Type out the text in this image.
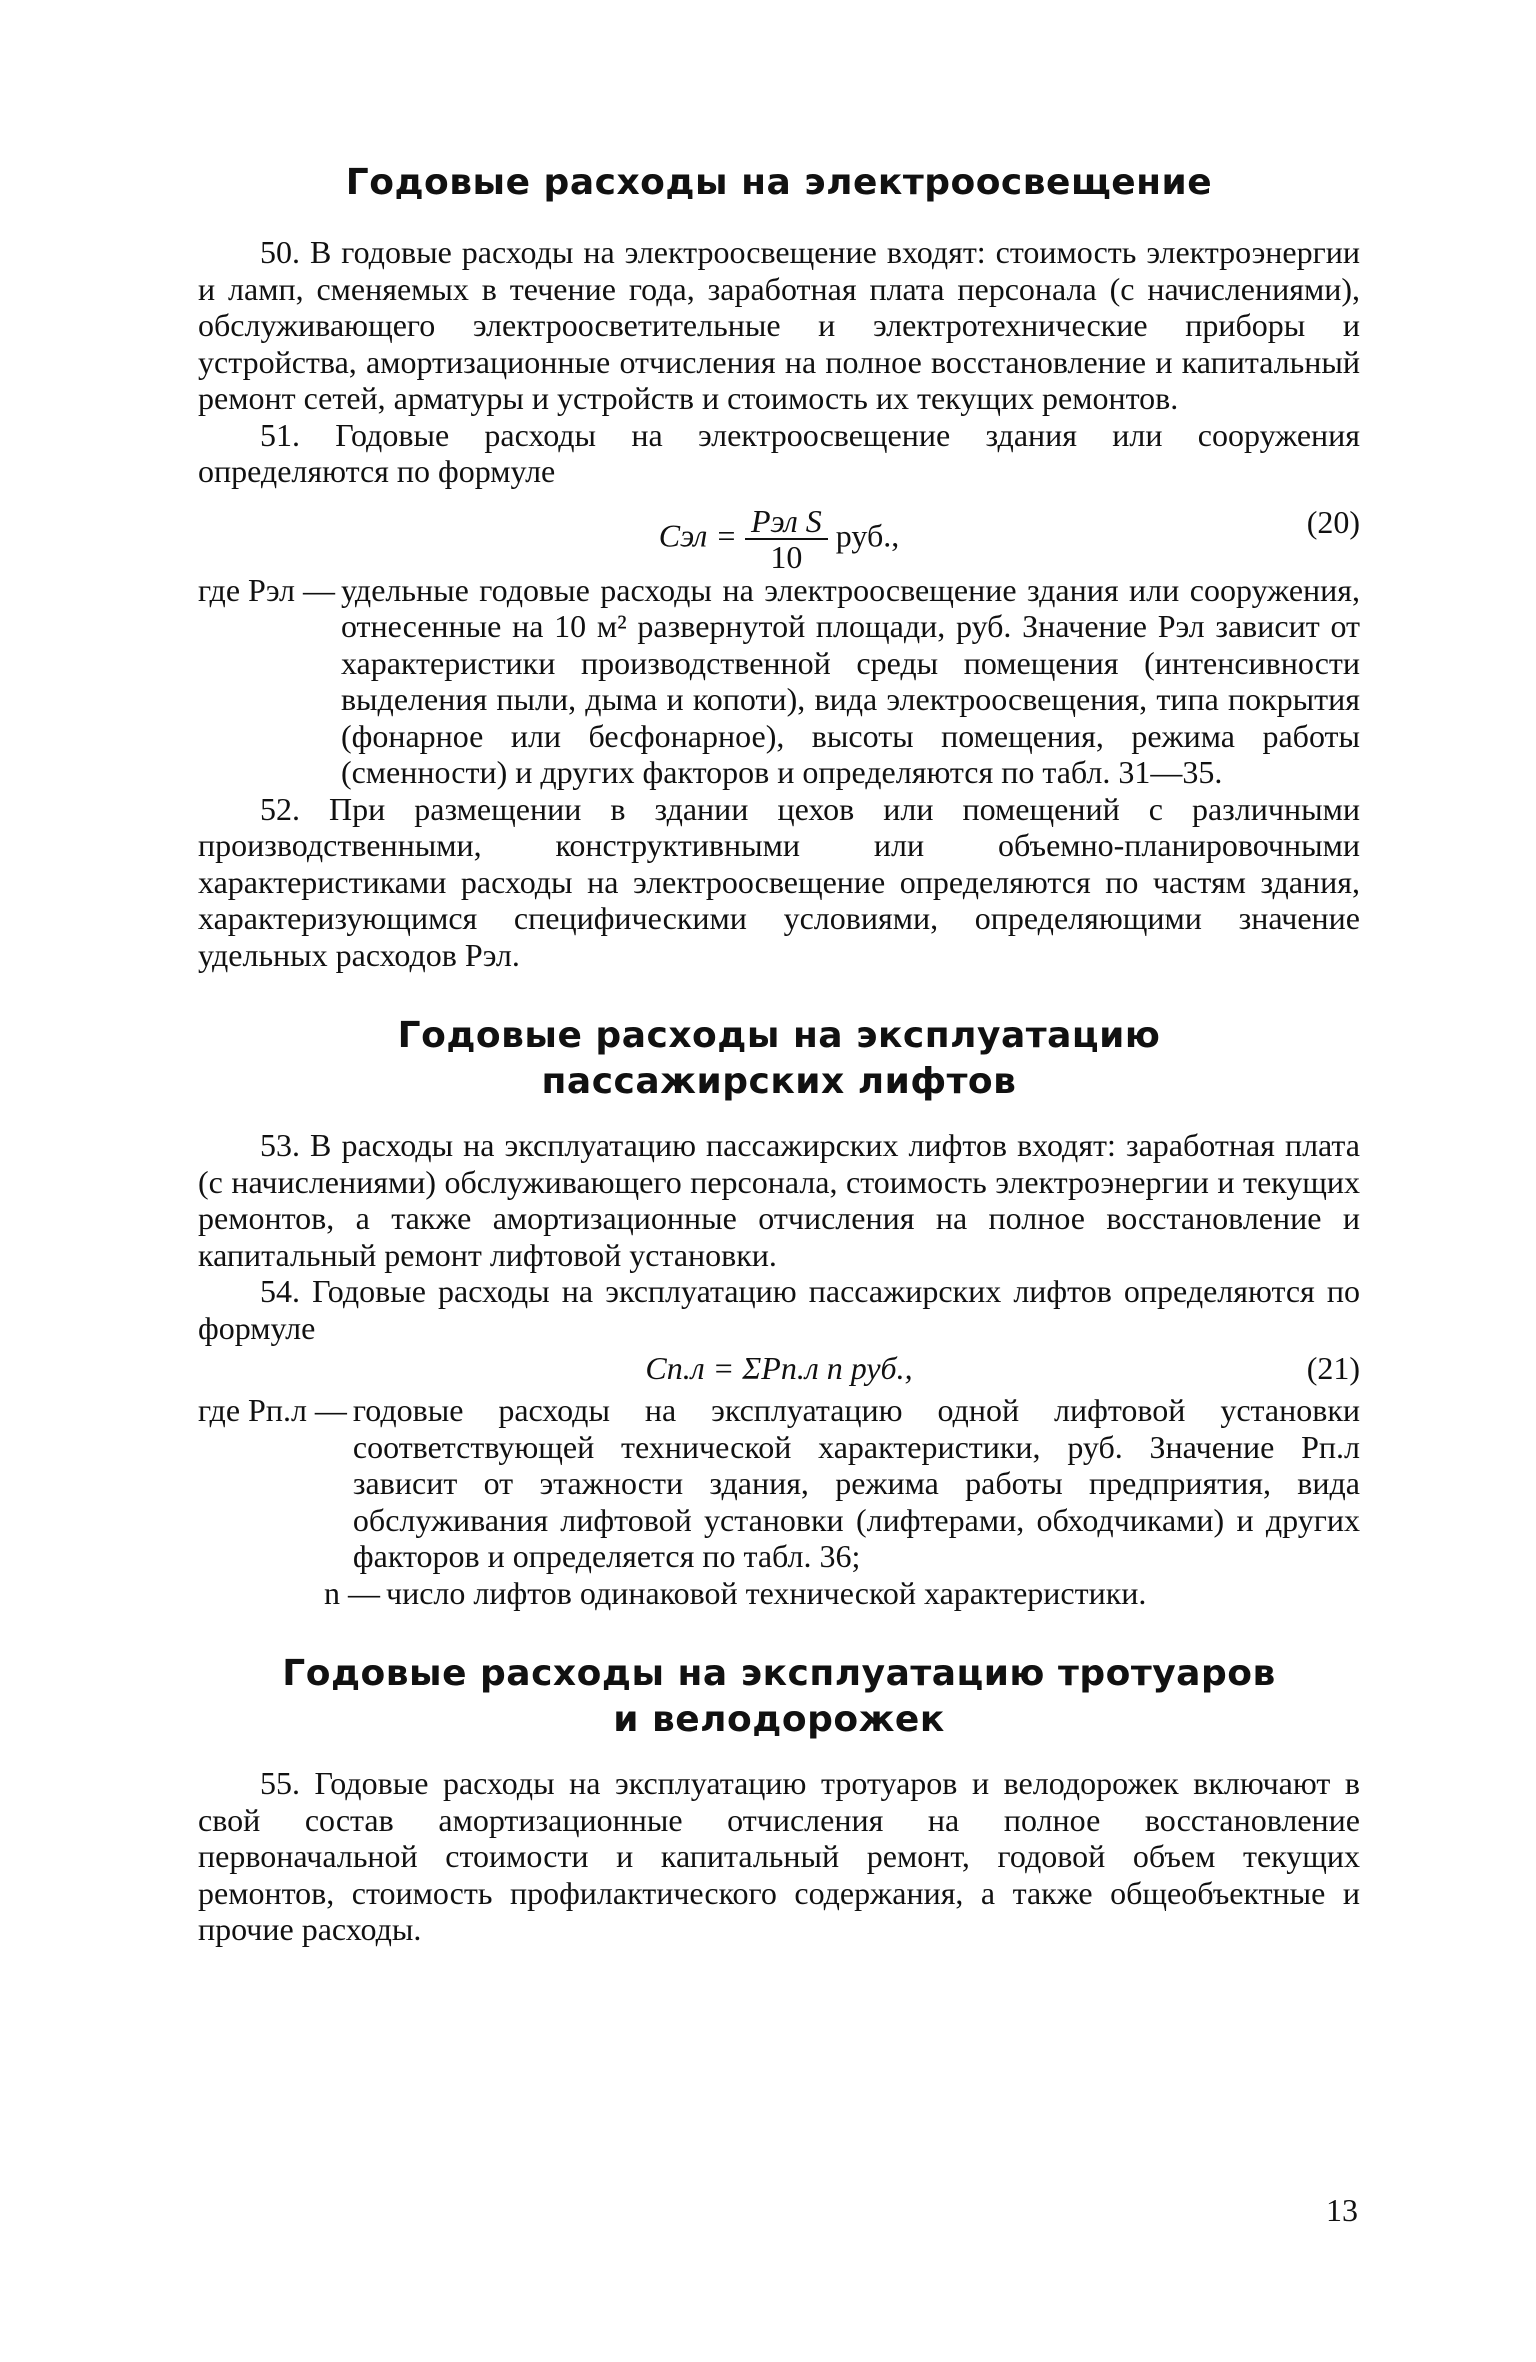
Годовые расходы на электроосвещение

50. В годовые расходы на электроосвещение входят: стоимость электроэнергии и ламп, сменяемых в течение года, заработная плата персонала (с начислениями), обслуживающего электроосветительные и электротехнические приборы и устройства, амортизационные отчисления на полное восстановление и капитальный ремонт сетей, арматуры и устройств и стоимость их текущих ремонтов.

51. Годовые расходы на электроосвещение здания или сооружения определяются по формуле

Cэл = $\frac{\text{Pэл S}}{10}$ руб.,	(20)
где Pэл — удельные годовые расходы на электроосвещение здания или сооружения, отнесенные на 10 м² развернутой площади, руб. Значение Pэл зависит от характеристики производственной среды помещения (интенсивности выделения пыли, дыма и копоти), вида электроосвещения, типа покрытия (фонарное или бесфонарное), высоты помещения, режима работы (сменности) и других факторов и определяются по табл. 31—35.

52. При размещении в здании цехов или помещений с различными производственными, конструктивными или объемно-планировочными характеристиками расходы на электроосвещение определяются по частям здания, характеризующимся специфическими условиями, определяющими значение удельных расходов Pэл.

Годовые расходы на эксплуатацию
пассажирских лифтов

53. В расходы на эксплуатацию пассажирских лифтов входят: заработная плата (с начислениями) обслуживающего персонала, стоимость электроэнергии и текущих ремонтов, а также амортизационные отчисления на полное восстановление и капитальный ремонт лифтовой установки.

54. Годовые расходы на эксплуатацию пассажирских лифтов определяются по формуле

Cп.л = ΣPп.л n руб.,	(21)
где Pп.л — годовые расходы на эксплуатацию одной лифтовой установки соответствующей технической характеристики, руб. Значение Pп.л зависит от этажности здания, режима работы предприятия, вида обслуживания лифтовой установки (лифтерами, обходчиками) и других факторов и определяется по табл. 36;
n — число лифтов одинаковой технической характеристики.
Годовые расходы на эксплуатацию тротуаров
и велодорожек

55. Годовые расходы на эксплуатацию тротуаров и велодорожек включают в свой состав амортизационные отчисления на полное восстановление первоначальной стоимости и капитальный ремонт, годовой объем текущих ремонтов, стоимость профилактического содержания, а также общеобъектные и прочие расходы.

13
